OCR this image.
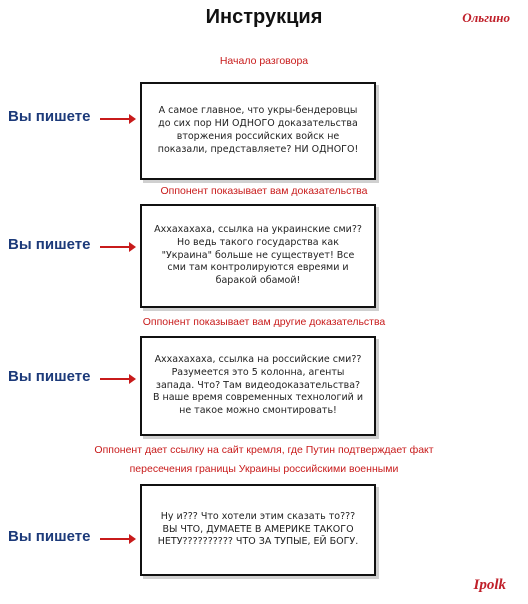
Инструкция	Ольгино
Начало разговора
Вы пишете	А самое главное, что укры-бендеровцы до сих пор НИ ОДНОГО доказательства вторжения российских войск не показали, представляете? НИ ОДНОГО!
Оппонент показывает вам доказательства
Вы пишете
Аххахахаха, ссылка на украинские сми?? Но ведь такого государства как "Украина" больше не существует! Все сми там контролируются евреями и баракой обамой!
Оппонент показывает вам другие доказательства
Вы пишете
Аххахахаха, ссылка на российские сми?? Разумеется это 5 колонна, агенты запада. Что? Там видеодоказательства? В наше время современных технологий и не такое можно смонтировать!
Оппонент дает ссылку на сайт кремля, где Путин подтверждает факт
пересечения границы Украины российскими военными
Вы пишете
Ну и??? Что хотели этим сказать то??? ВЫ ЧТО, ДУМАЕТЕ В АМЕРИКЕ ТАКОГО НЕТУ?????????? ЧТО ЗА ТУПЫЕ, ЕЙ БОГУ.
Ipolk
